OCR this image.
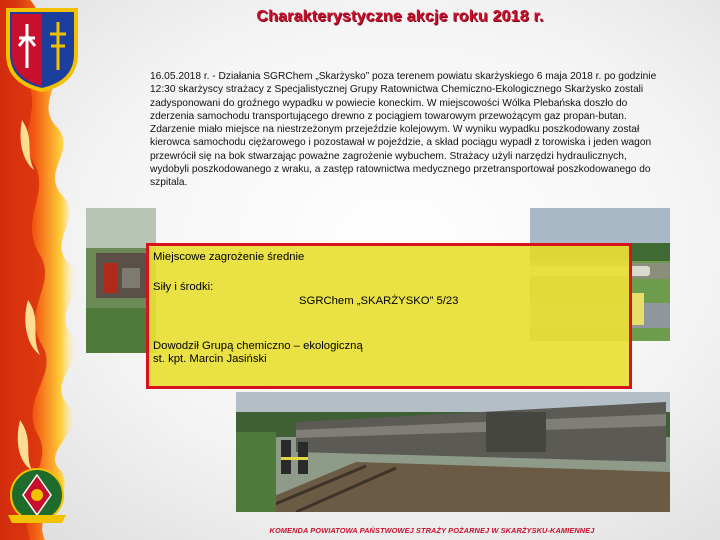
Charakterystyczne akcje roku 2018 r.
16.05.2018 r. - Działania SGRChem „Skarżysko” poza terenem powiatu skarżyskiego 6 maja 2018 r. po godzinie 12:30 skarżyscy strażacy z Specjalistycznej Grupy Ratownictwa Chemiczno-Ekologicznego Skarżysko zostali zadysponowani do groźnego wypadku w powiecie koneckim. W miejscowości Wólka Plebańska doszło do zderzenia samochodu transportującego drewno z pociągiem towarowym przewożącym gaz propan-butan. Zdarzenie miało miejsce na niestrzeżonym przejeździe kolejowym. W wyniku wypadku poszkodowany został kierowca samochodu ciężarowego i pozostawał w pojeździe, a skład pociągu wypadł z torowiska i jeden wagon przewrócił się na bok stwarzając poważne zagrożenie wybuchem. Strażacy użyli narzędzi hydraulicznych, wydobyli poszkodowanego z wraku, a zastęp ratownictwa medycznego przetransportował poszkodowanego do szpitala.
Miejscowe zagrożenie średnie
Siły i środki:
SGRChem „SKARŻYSKO” 5/23
Dowodził Grupą chemiczno – ekologiczną
st. kpt. Marcin Jasiński
KOMENDA POWIATOWA PAŃSTWOWEJ STRAŻY POŻARNEJ W SKARŻYSKU-KAMIENNEJ
